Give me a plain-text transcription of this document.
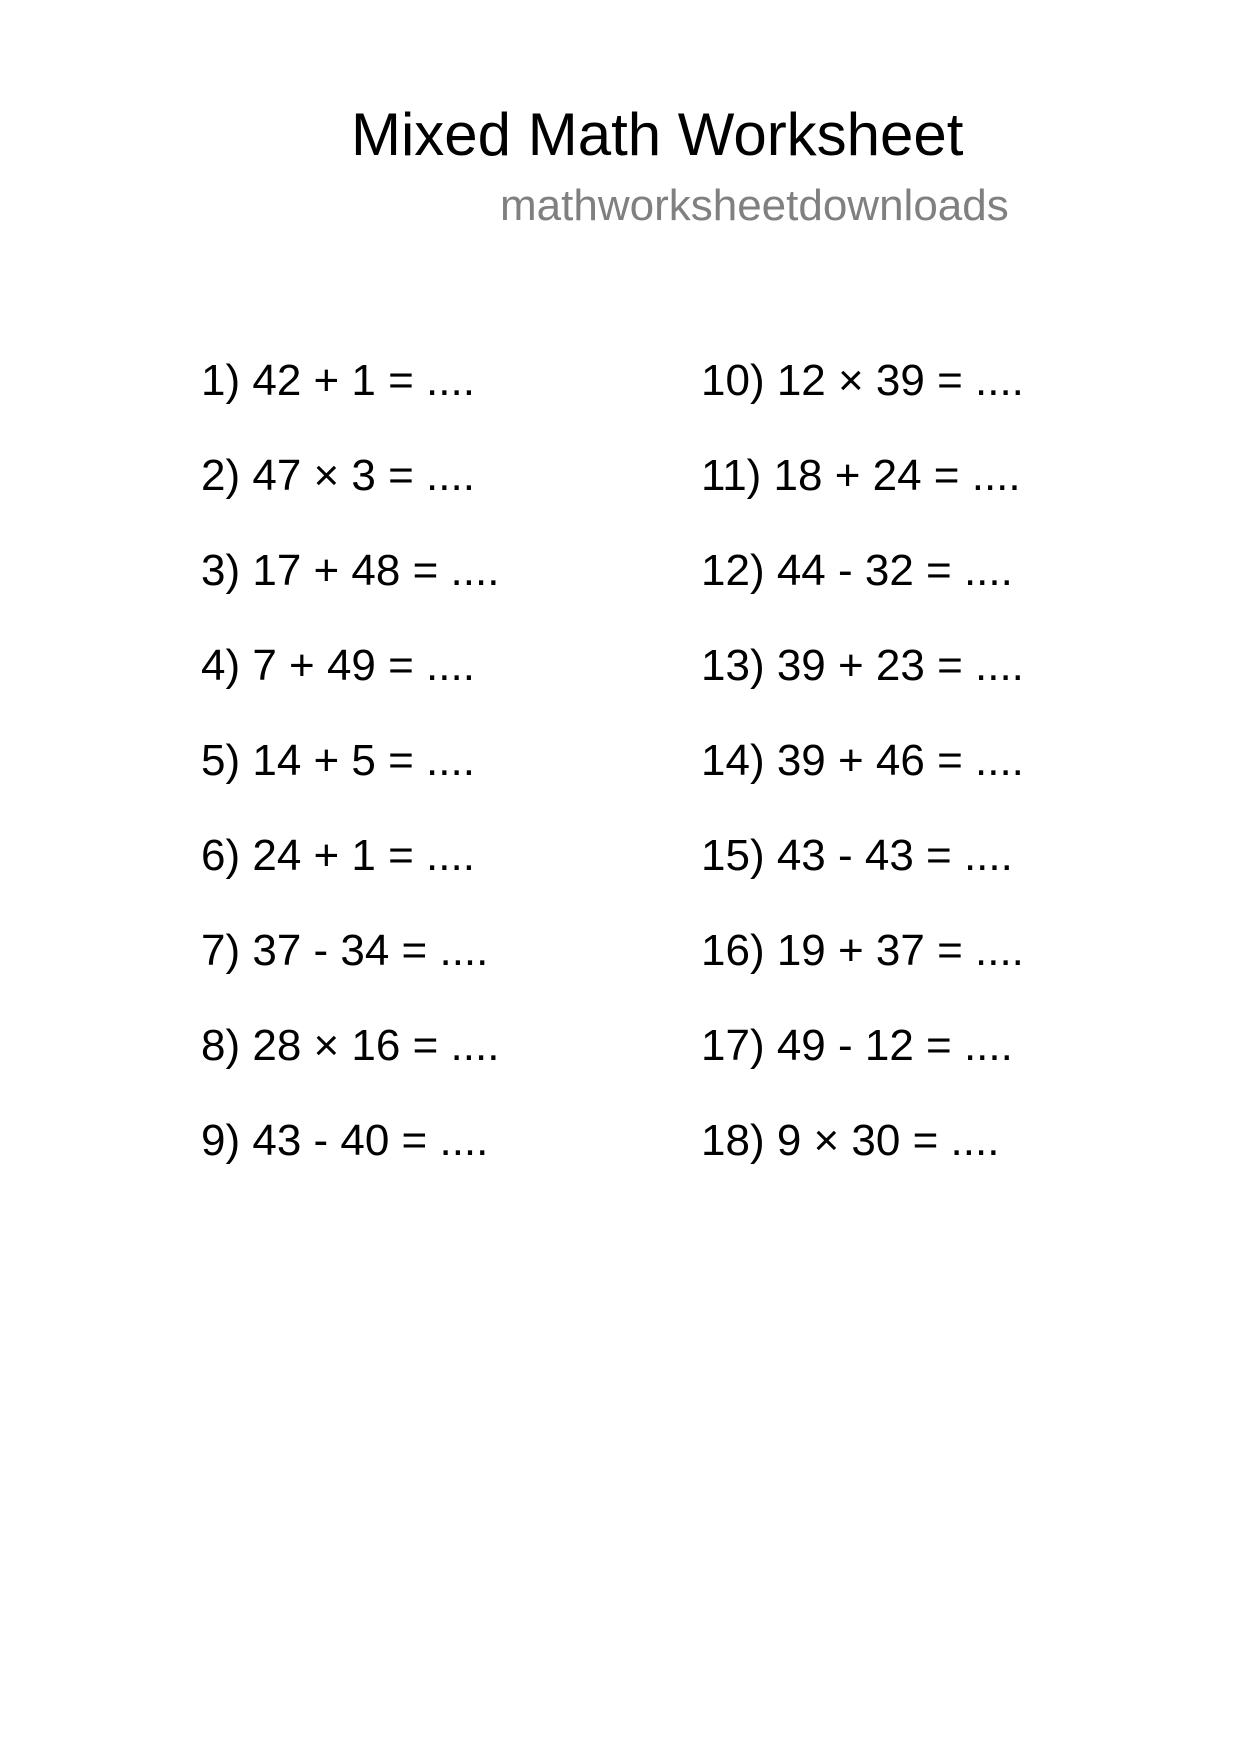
Mixed Math Worksheet
mathworksheetdownloads
1) 42 + 1 = ....
2) 47 × 3 = ....
3) 17 + 48 = ....
4) 7 + 49 = ....
5) 14 + 5 = ....
6) 24 + 1 = ....
7) 37 - 34 = ....
8) 28 × 16 = ....
9) 43 - 40 = ....
10) 12 × 39 = ....
11) 18 + 24 = ....
12) 44 - 32 = ....
13) 39 + 23 = ....
14) 39 + 46 = ....
15) 43 - 43 = ....
16) 19 + 37 = ....
17) 49 - 12 = ....
18) 9 × 30 = ....
